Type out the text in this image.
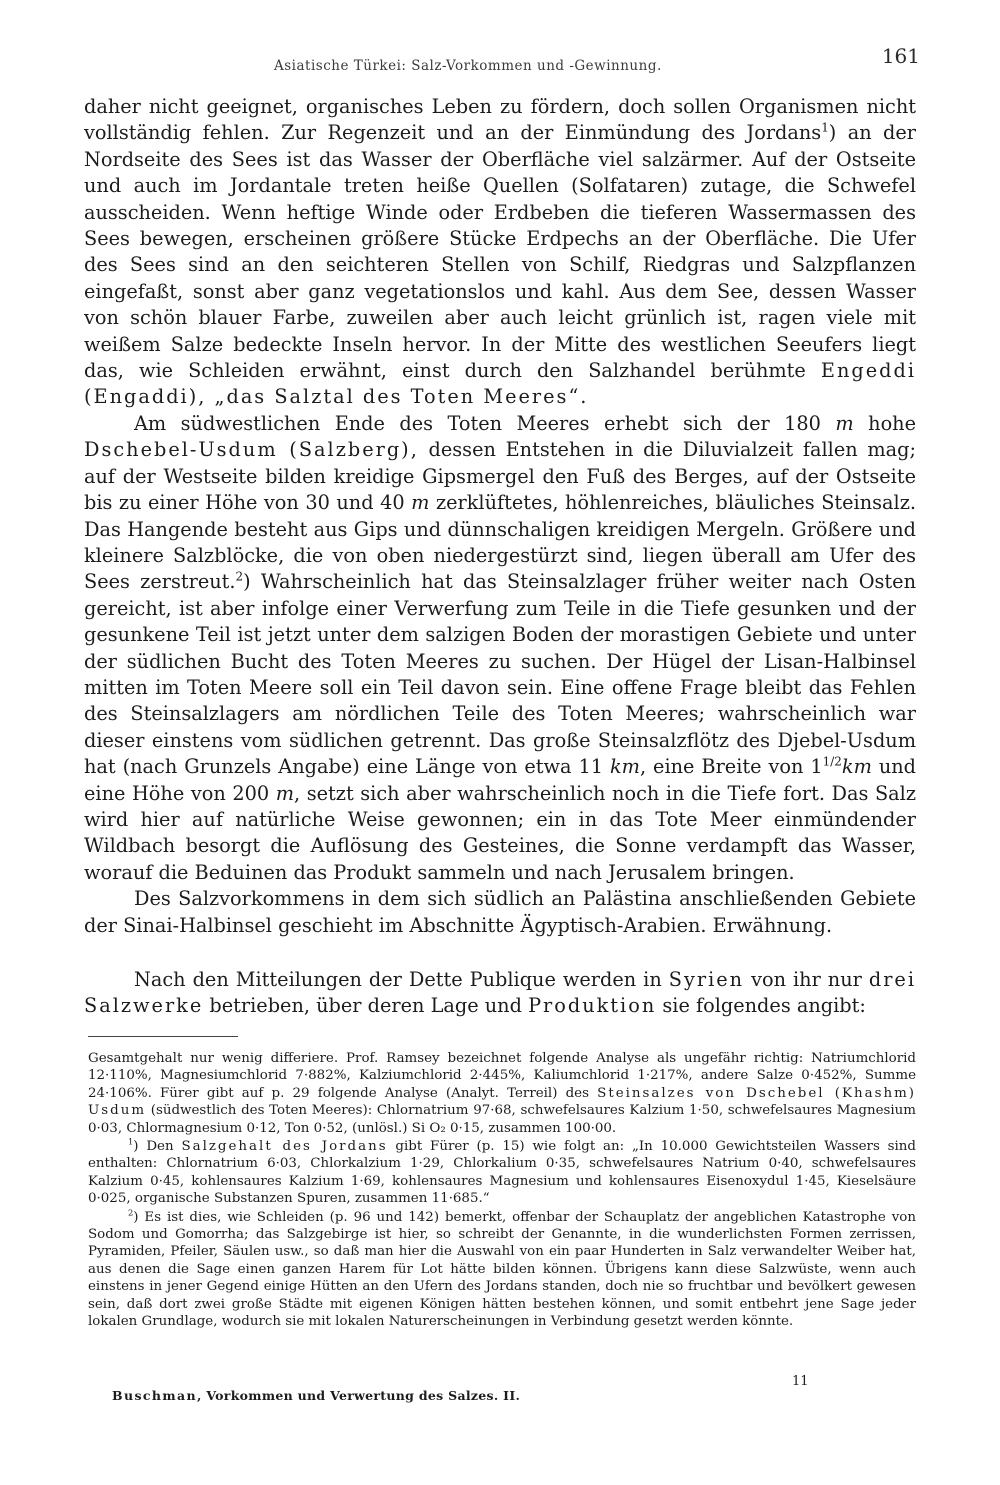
Asiatische Türkei: Salz-Vorkommen und -Gewinnung.	161

daher nicht geeignet, organisches Leben zu fördern, doch sollen Organismen nicht vollständig fehlen. Zur Regenzeit und an der Einmündung des Jordans$^1$) an der Nordseite des Sees ist das Wasser der Oberfläche viel salzärmer. Auf der Ostseite und auch im Jordantale treten heiße Quellen (Solfataren) zutage, die Schwefel ausscheiden. Wenn heftige Winde oder Erdbeben die tieferen Wassermassen des Sees bewegen, erscheinen größere Stücke Erdpechs an der Oberfläche. Die Ufer des Sees sind an den seichteren Stellen von Schilf, Riedgras und Salzpflanzen eingefaßt, sonst aber ganz vegetationslos und kahl. Aus dem See, dessen Wasser von schön blauer Farbe, zuweilen aber auch leicht grünlich ist, ragen viele mit weißem Salze bedeckte Inseln hervor. In der Mitte des westlichen Seeufers liegt das, wie Schleiden erwähnt, einst durch den Salzhandel berühmte Engeddi (Engaddi), „das Salztal des Toten Meeres“.

Am südwestlichen Ende des Toten Meeres erhebt sich der 180 m hohe Dschebel-Usdum (Salzberg), dessen Entstehen in die Diluvialzeit fallen mag; auf der Westseite bilden kreidige Gipsmergel den Fuß des Berges, auf der Ostseite bis zu einer Höhe von 30 und 40 m zerklüftetes, höhlenreiches, bläuliches Steinsalz. Das Hangende besteht aus Gips und dünnschaligen kreidigen Mergeln. Größere und kleinere Salzblöcke, die von oben niedergestürzt sind, liegen überall am Ufer des Sees zerstreut.$^2$) Wahrscheinlich hat das Steinsalzlager früher weiter nach Osten gereicht, ist aber infolge einer Verwerfung zum Teile in die Tiefe gesunken und der gesunkene Teil ist jetzt unter dem salzigen Boden der morastigen Gebiete und unter der südlichen Bucht des Toten Meeres zu suchen. Der Hügel der Lisan-Halbinsel mitten im Toten Meere soll ein Teil davon sein. Eine offene Frage bleibt das Fehlen des Steinsalzlagers am nördlichen Teile des Toten Meeres; wahrscheinlich war dieser einstens vom südlichen getrennt. Das große Steinsalzflötz des Djebel-Usdum hat (nach Grunzels Angabe) eine Länge von etwa 11 km, eine Breite von $1^{1/2}km$ und eine Höhe von 200 m, setzt sich aber wahrscheinlich noch in die Tiefe fort. Das Salz wird hier auf natürliche Weise gewonnen; ein in das Tote Meer einmündender Wildbach besorgt die Auflösung des Gesteines, die Sonne verdampft das Wasser, worauf die Beduinen das Produkt sammeln und nach Jerusalem bringen.

Des Salzvorkommens in dem sich südlich an Palästina anschließenden Gebiete der Sinai-Halbinsel geschieht im Abschnitte Ägyptisch-Arabien. Erwähnung.

Nach den Mitteilungen der Dette Publique werden in Syrien von ihr nur drei Salzwerke betrieben, über deren Lage und Produktion sie folgendes angibt:

Gesamtgehalt nur wenig differiere. Prof. Ramsey bezeichnet folgende Analyse als ungefähr richtig: Natriumchlorid 12·110%, Magnesiumchlorid 7·882%, Kalziumchlorid 2·445%, Kaliumchlorid 1·217%, andere Salze 0·452%, Summe 24·106%. Fürer gibt auf p. 29 folgende Analyse (Analyt. Terreil) des Steinsalzes von Dschebel (Khashm) Usdum (südwestlich des Toten Meeres): Chlornatrium 97·68, schwefelsaures Kalzium 1·50, schwefelsaures Magnesium 0·03, Chlormagnesium 0·12, Ton 0·52, (unlösl.) Si O₂ 0·15, zusammen 100·00.

$^1$) Den Salzgehalt des Jordans gibt Fürer (p. 15) wie folgt an: „In 10.000 Gewichtsteilen Wassers sind enthalten: Chlornatrium 6·03, Chlorkalzium 1·29, Chlorkalium 0·35, schwefelsaures Natrium 0·40, schwefelsaures Kalzium 0·45, kohlensaures Kalzium 1·69, kohlensaures Magnesium und kohlensaures Eisenoxydul 1·45, Kieselsäure 0·025, organische Substanzen Spuren, zusammen 11·685.“

$^2$) Es ist dies, wie Schleiden (p. 96 und 142) bemerkt, offenbar der Schauplatz der angeblichen Katastrophe von Sodom und Gomorrha; das Salzgebirge ist hier, so schreibt der Genannte, in die wunderlichsten Formen zerrissen, Pyramiden, Pfeiler, Säulen usw., so daß man hier die Auswahl von ein paar Hunderten in Salz verwandelter Weiber hat, aus denen die Sage einen ganzen Harem für Lot hätte bilden können. Übrigens kann diese Salzwüste, wenn auch einstens in jener Gegend einige Hütten an den Ufern des Jordans standen, doch nie so fruchtbar und bevölkert gewesen sein, daß dort zwei große Städte mit eigenen Königen hätten bestehen können, und somit entbehrt jene Sage jeder lokalen Grundlage, wodurch sie mit lokalen Naturerscheinungen in Verbindung gesetzt werden könnte.

Buschman, Vorkommen und Verwertung des Salzes. II.
11
